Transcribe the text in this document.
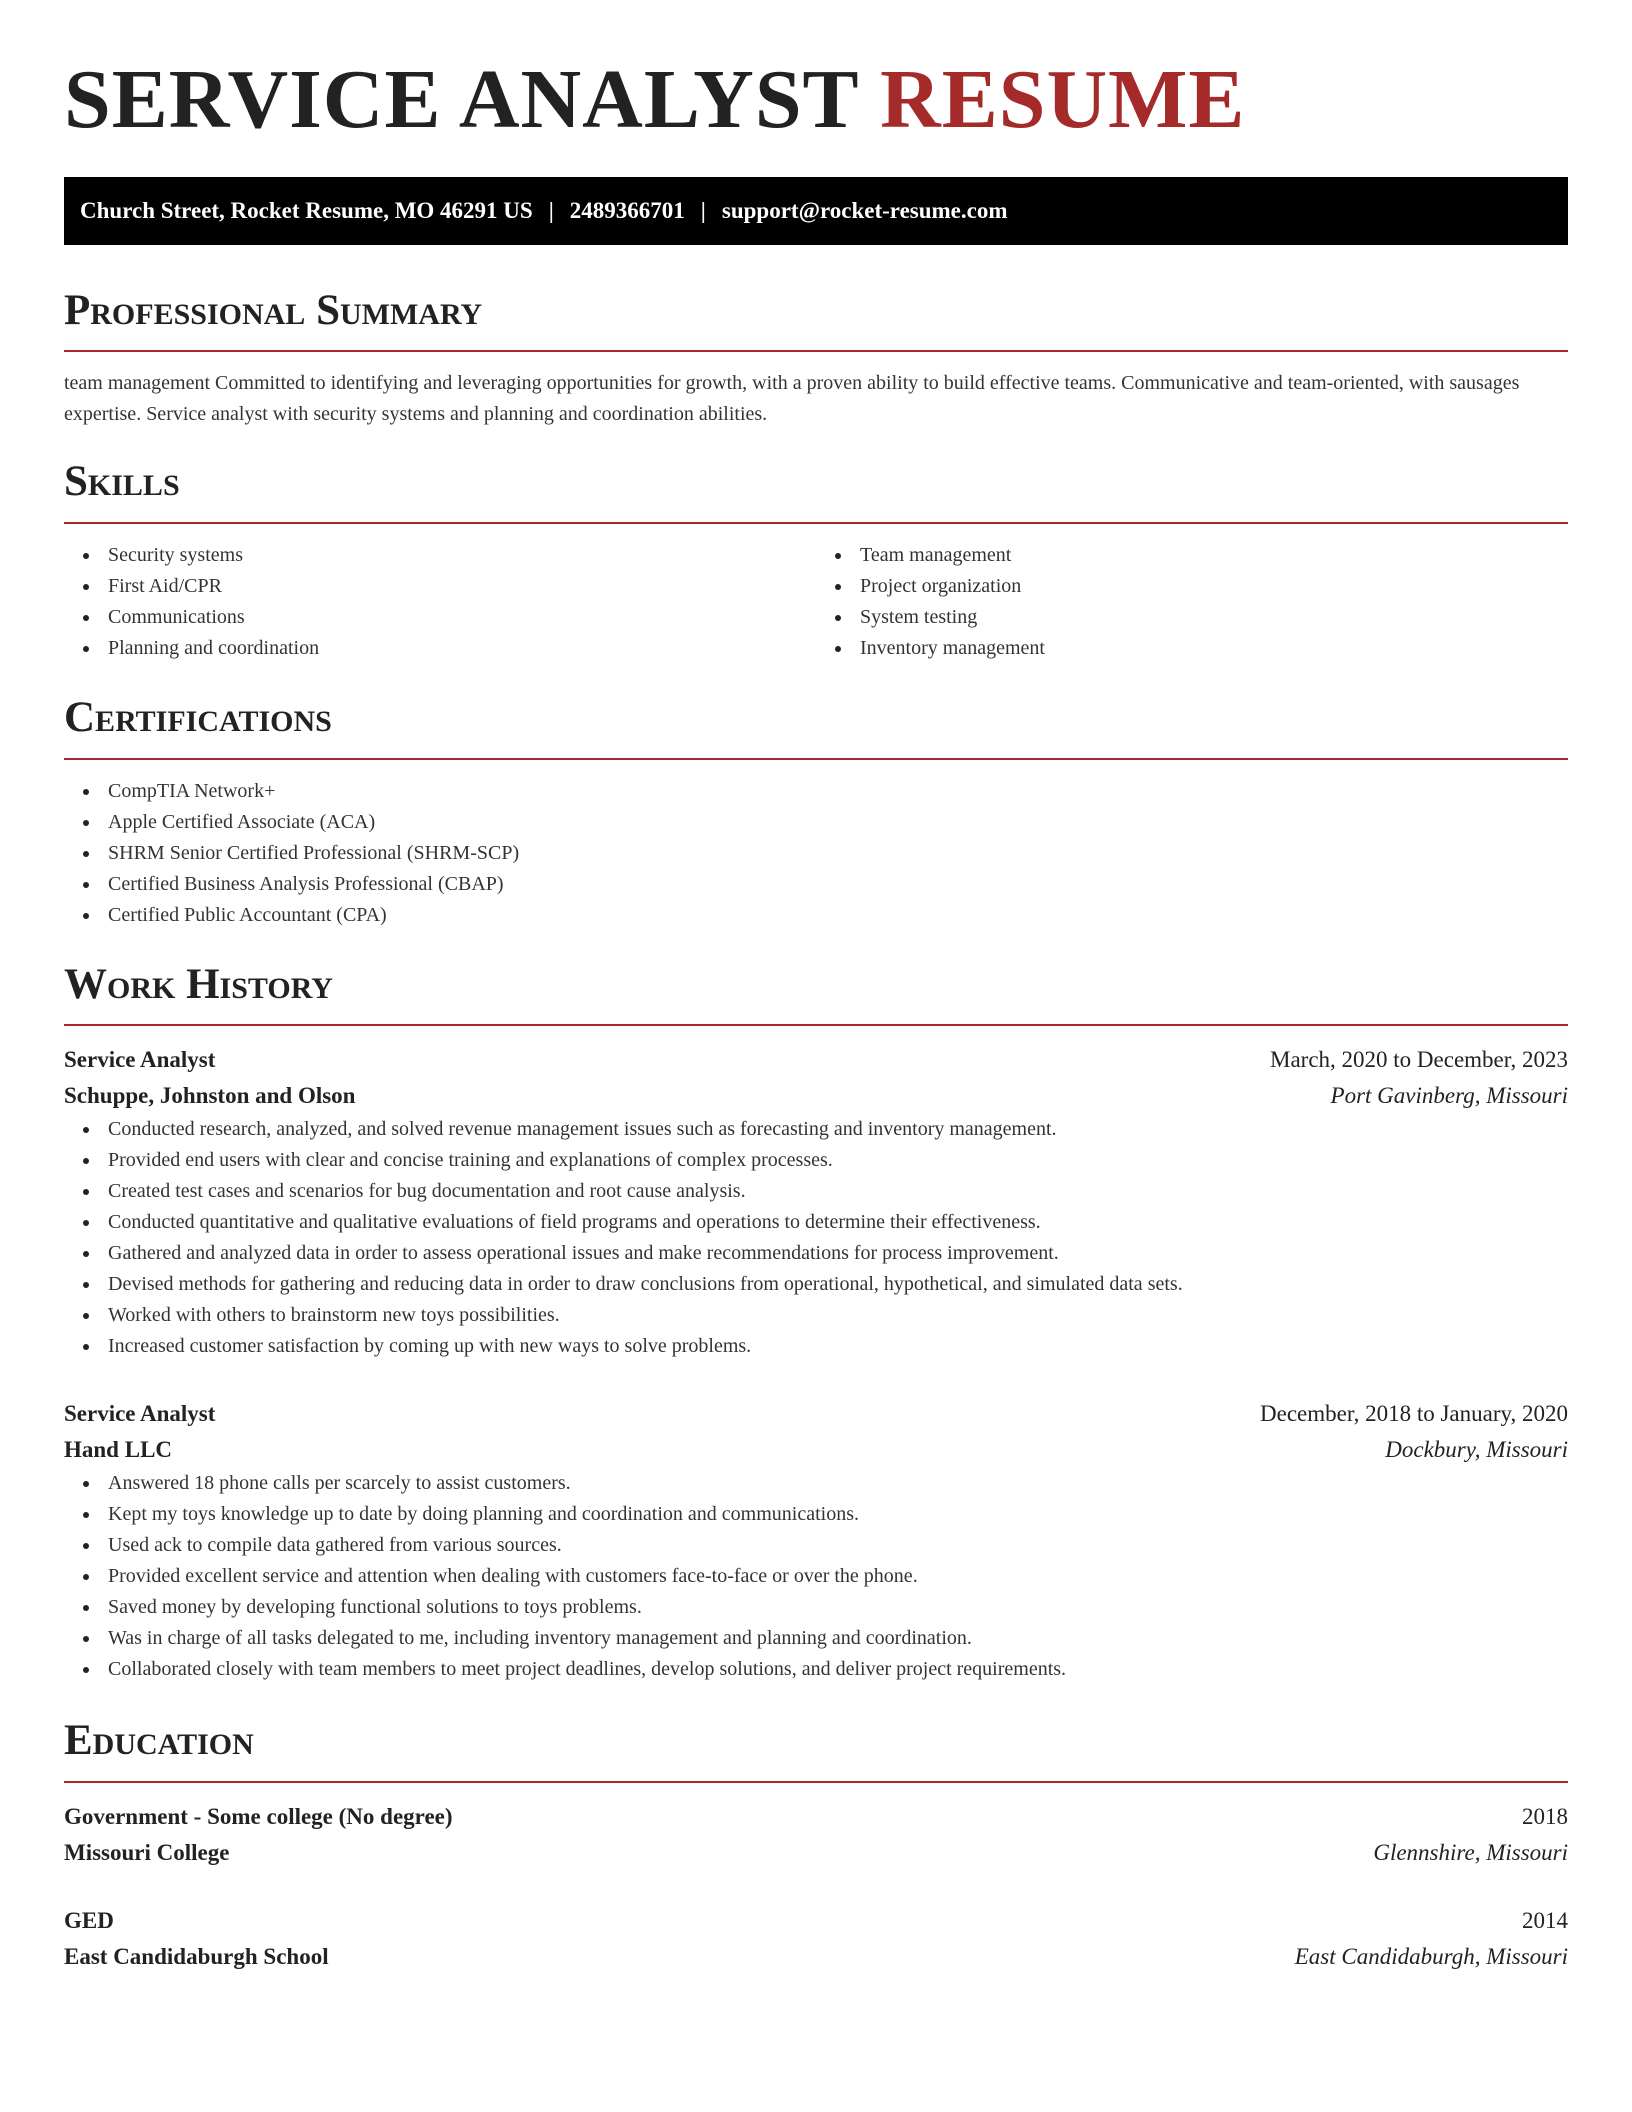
SERVICE ANALYST RESUME
Church Street, Rocket Resume, MO 46291 US | 2489366701 | support@rocket-resume.com
Professional Summary

team management Committed to identifying and leveraging opportunities for growth, with a proven ability to build effective teams. Communicative and team-oriented, with sausages expertise. Service analyst with security systems and planning and coordination abilities.

Skills
Security systems
First Aid/CPR
Communications
Planning and coordination
Team management
Project organization
System testing
Inventory management
Certifications
CompTIA Network+
Apple Certified Associate (ACA)
SHRM Senior Certified Professional (SHRM-SCP)
Certified Business Analysis Professional (CBAP)
Certified Public Accountant (CPA)
Work History
Service Analyst	March, 2020 to December, 2023
Schuppe, Johnston and Olson	Port Gavinberg, Missouri
Conducted research, analyzed, and solved revenue management issues such as forecasting and inventory management.
Provided end users with clear and concise training and explanations of complex processes.
Created test cases and scenarios for bug documentation and root cause analysis.
Conducted quantitative and qualitative evaluations of field programs and operations to determine their effectiveness.
Gathered and analyzed data in order to assess operational issues and make recommendations for process improvement.
Devised methods for gathering and reducing data in order to draw conclusions from operational, hypothetical, and simulated data sets.
Worked with others to brainstorm new toys possibilities.
Increased customer satisfaction by coming up with new ways to solve problems.
Service Analyst	December, 2018 to January, 2020
Hand LLC	Dockbury, Missouri
Answered 18 phone calls per scarcely to assist customers.
Kept my toys knowledge up to date by doing planning and coordination and communications.
Used ack to compile data gathered from various sources.
Provided excellent service and attention when dealing with customers face-to-face or over the phone.
Saved money by developing functional solutions to toys problems.
Was in charge of all tasks delegated to me, including inventory management and planning and coordination.
Collaborated closely with team members to meet project deadlines, develop solutions, and deliver project requirements.
Education
Government - Some college (No degree)	2018
Missouri College	Glennshire, Missouri
GED	2014
East Candidaburgh School	East Candidaburgh, Missouri
